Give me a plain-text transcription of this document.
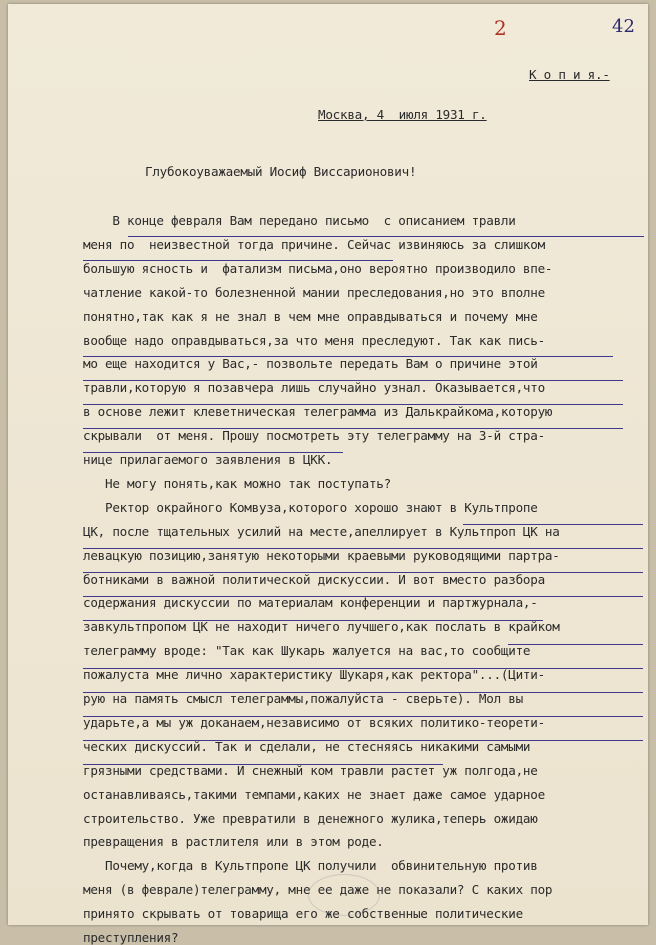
2	42
К о п и я.-
Москва, 4  июля 1931 г.
Глубокоуважаемый Иосиф Виссарионович!
В конце февраля Вам передано письмо  с описанием травли
меня по  неизвестной тогда причине. Сейчас извиняюсь за слишком
большую ясность и  фатализм письма,оно вероятно производило впе-
чатление какой-то болезненной мании преследования,но это вполне
понятно,так как я не знал в чем мне оправдываться и почему мне
вообще надо оправдываться,за что меня преследуют. Так как пись-
мо еще находится у Вас,- позвольте передать Вам о причине этой
травли,которую я позавчера лишь случайно узнал. Оказывается,что
в основе лежит клеветническая телеграмма из Далькрайкома,которую
скрывали  от меня. Прошу посмотреть эту телеграмму на 3-й стра-
нице прилагаемого заявления в ЦКК.
Не могу понять,как можно так поступать?
Ректор окрайного Комвуза,которого хорошо знают в Культпропе
ЦК, после тщательных усилий на месте,апеллирует в Культпроп ЦК на
левацкую позицию,занятую некоторыми краевыми руководящими партра-
ботниками в важной политической дискуссии. И вот вместо разбора
содержания дискуссии по материалам конференции и партжурнала,-
завкультпропом ЦК не находит ничего лучшего,как послать в крайком
телеграмму вроде: "Так как Шукарь жалуется на вас,то сообщите
пожалуста мне лично характеристику Шукаря,как ректора"...(Цити-
рую на память смысл телеграммы,пожалуйста - сверьте). Мол вы
ударьте,а мы уж доканаем,независимо от всяких политико-теорети-
ческих дискуссий. Так и сделали, не стесняясь никакими самыми
грязными средствами. И снежный ком травли растет уж полгода,не
останавливаясь,такими темпами,каких не знает даже самое ударное
строительство. Уже превратили в денежного жулика,теперь ожидаю
превращения в растлителя или в этом роде.
Почему,когда в Культпропе ЦК получили  обвинительную против
меня (в феврале)телеграмму, мне ее даже не показали? С каких пор
принято скрывать от товарища его же собственные политические
преступления?
